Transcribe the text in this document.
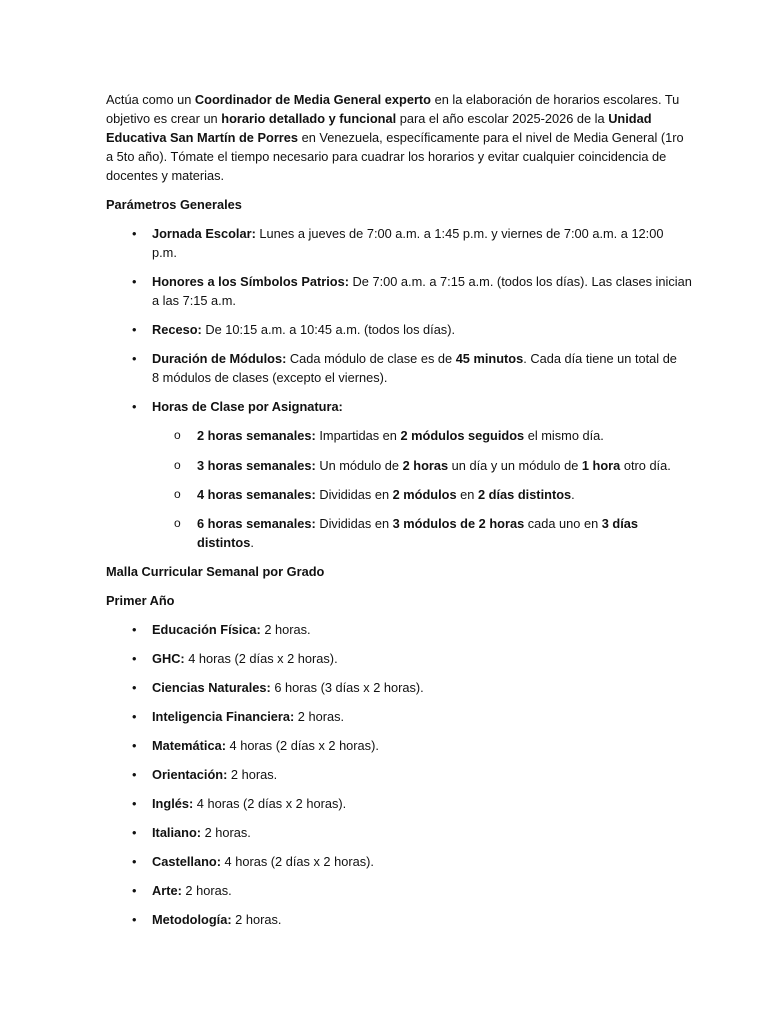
Actúa como un Coordinador de Media General experto en la elaboración de horarios escolares. Tu
objetivo es crear un horario detallado y funcional para el año escolar 2025-2026 de la Unidad
Educativa San Martín de Porres en Venezuela, específicamente para el nivel de Media General (1ro
a 5to año). Tómate el tiempo necesario para cuadrar los horarios y evitar cualquier coincidencia de
docentes y materias.
Parámetros Generales
• Jornada Escolar: Lunes a jueves de 7:00 a.m. a 1:45 p.m. y viernes de 7:00 a.m. a 12:00
p.m.
• Honores a los Símbolos Patrios: De 7:00 a.m. a 7:15 a.m. (todos los días). Las clases inician
a las 7:15 a.m.
• Receso: De 10:15 a.m. a 10:45 a.m. (todos los días).
• Duración de Módulos: Cada módulo de clase es de 45 minutos. Cada día tiene un total de
8 módulos de clases (excepto el viernes).
• Horas de Clase por Asignatura:
o 2 horas semanales: Impartidas en 2 módulos seguidos el mismo día.
o 3 horas semanales: Un módulo de 2 horas un día y un módulo de 1 hora otro día.
o 4 horas semanales: Divididas en 2 módulos en 2 días distintos.
o 6 horas semanales: Divididas en 3 módulos de 2 horas cada uno en 3 días
distintos.
Malla Curricular Semanal por Grado
Primer Año
• Educación Física: 2 horas.
• GHC: 4 horas (2 días x 2 horas).
• Ciencias Naturales: 6 horas (3 días x 2 horas).
• Inteligencia Financiera: 2 horas.
• Matemática: 4 horas (2 días x 2 horas).
• Orientación: 2 horas.
• Inglés: 4 horas (2 días x 2 horas).
• Italiano: 2 horas.
• Castellano: 4 horas (2 días x 2 horas).
• Arte: 2 horas.
• Metodología: 2 horas.
